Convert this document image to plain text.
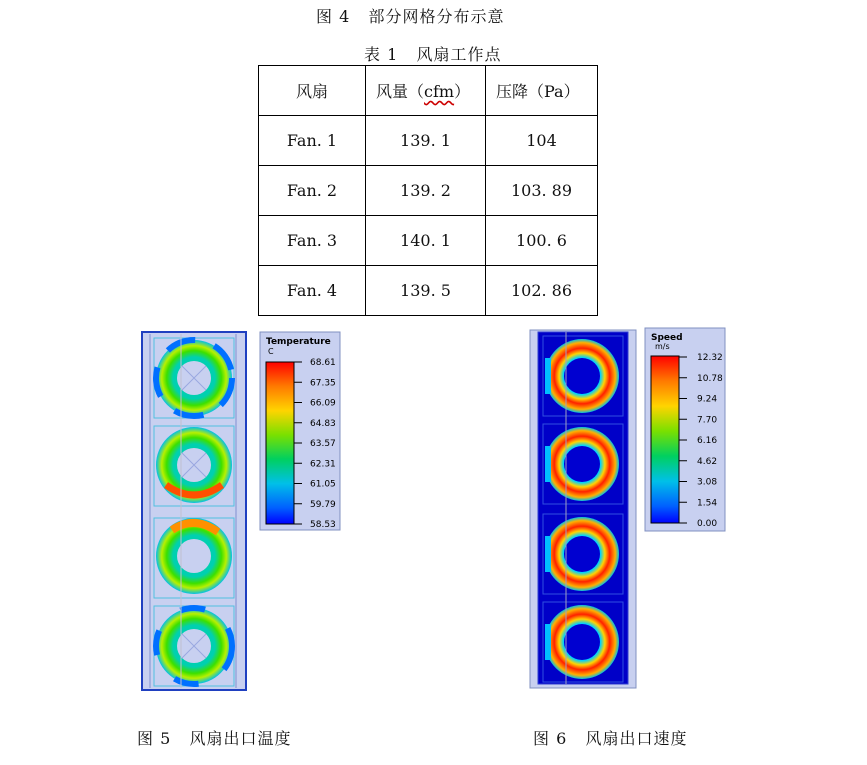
图 4   部分网格分布示意
表 1   风扇工作点
风扇	风量（cfm）	压降（Pa）
Fan. 1	139. 1	104
Fan. 2	139. 2	103. 89
Fan. 3	140. 1	100. 6
Fan. 4	139. 5	102. 86
Temperature
C
68.61
67.35
66.09
64.83
63.57
62.31
61.05
59.79
58.53
Speed
m/s
12.32
10.78
9.24
7.70
6.16
4.62
3.08
1.54
0.00
图 5   风扇出口温度	图 6   风扇出口速度
